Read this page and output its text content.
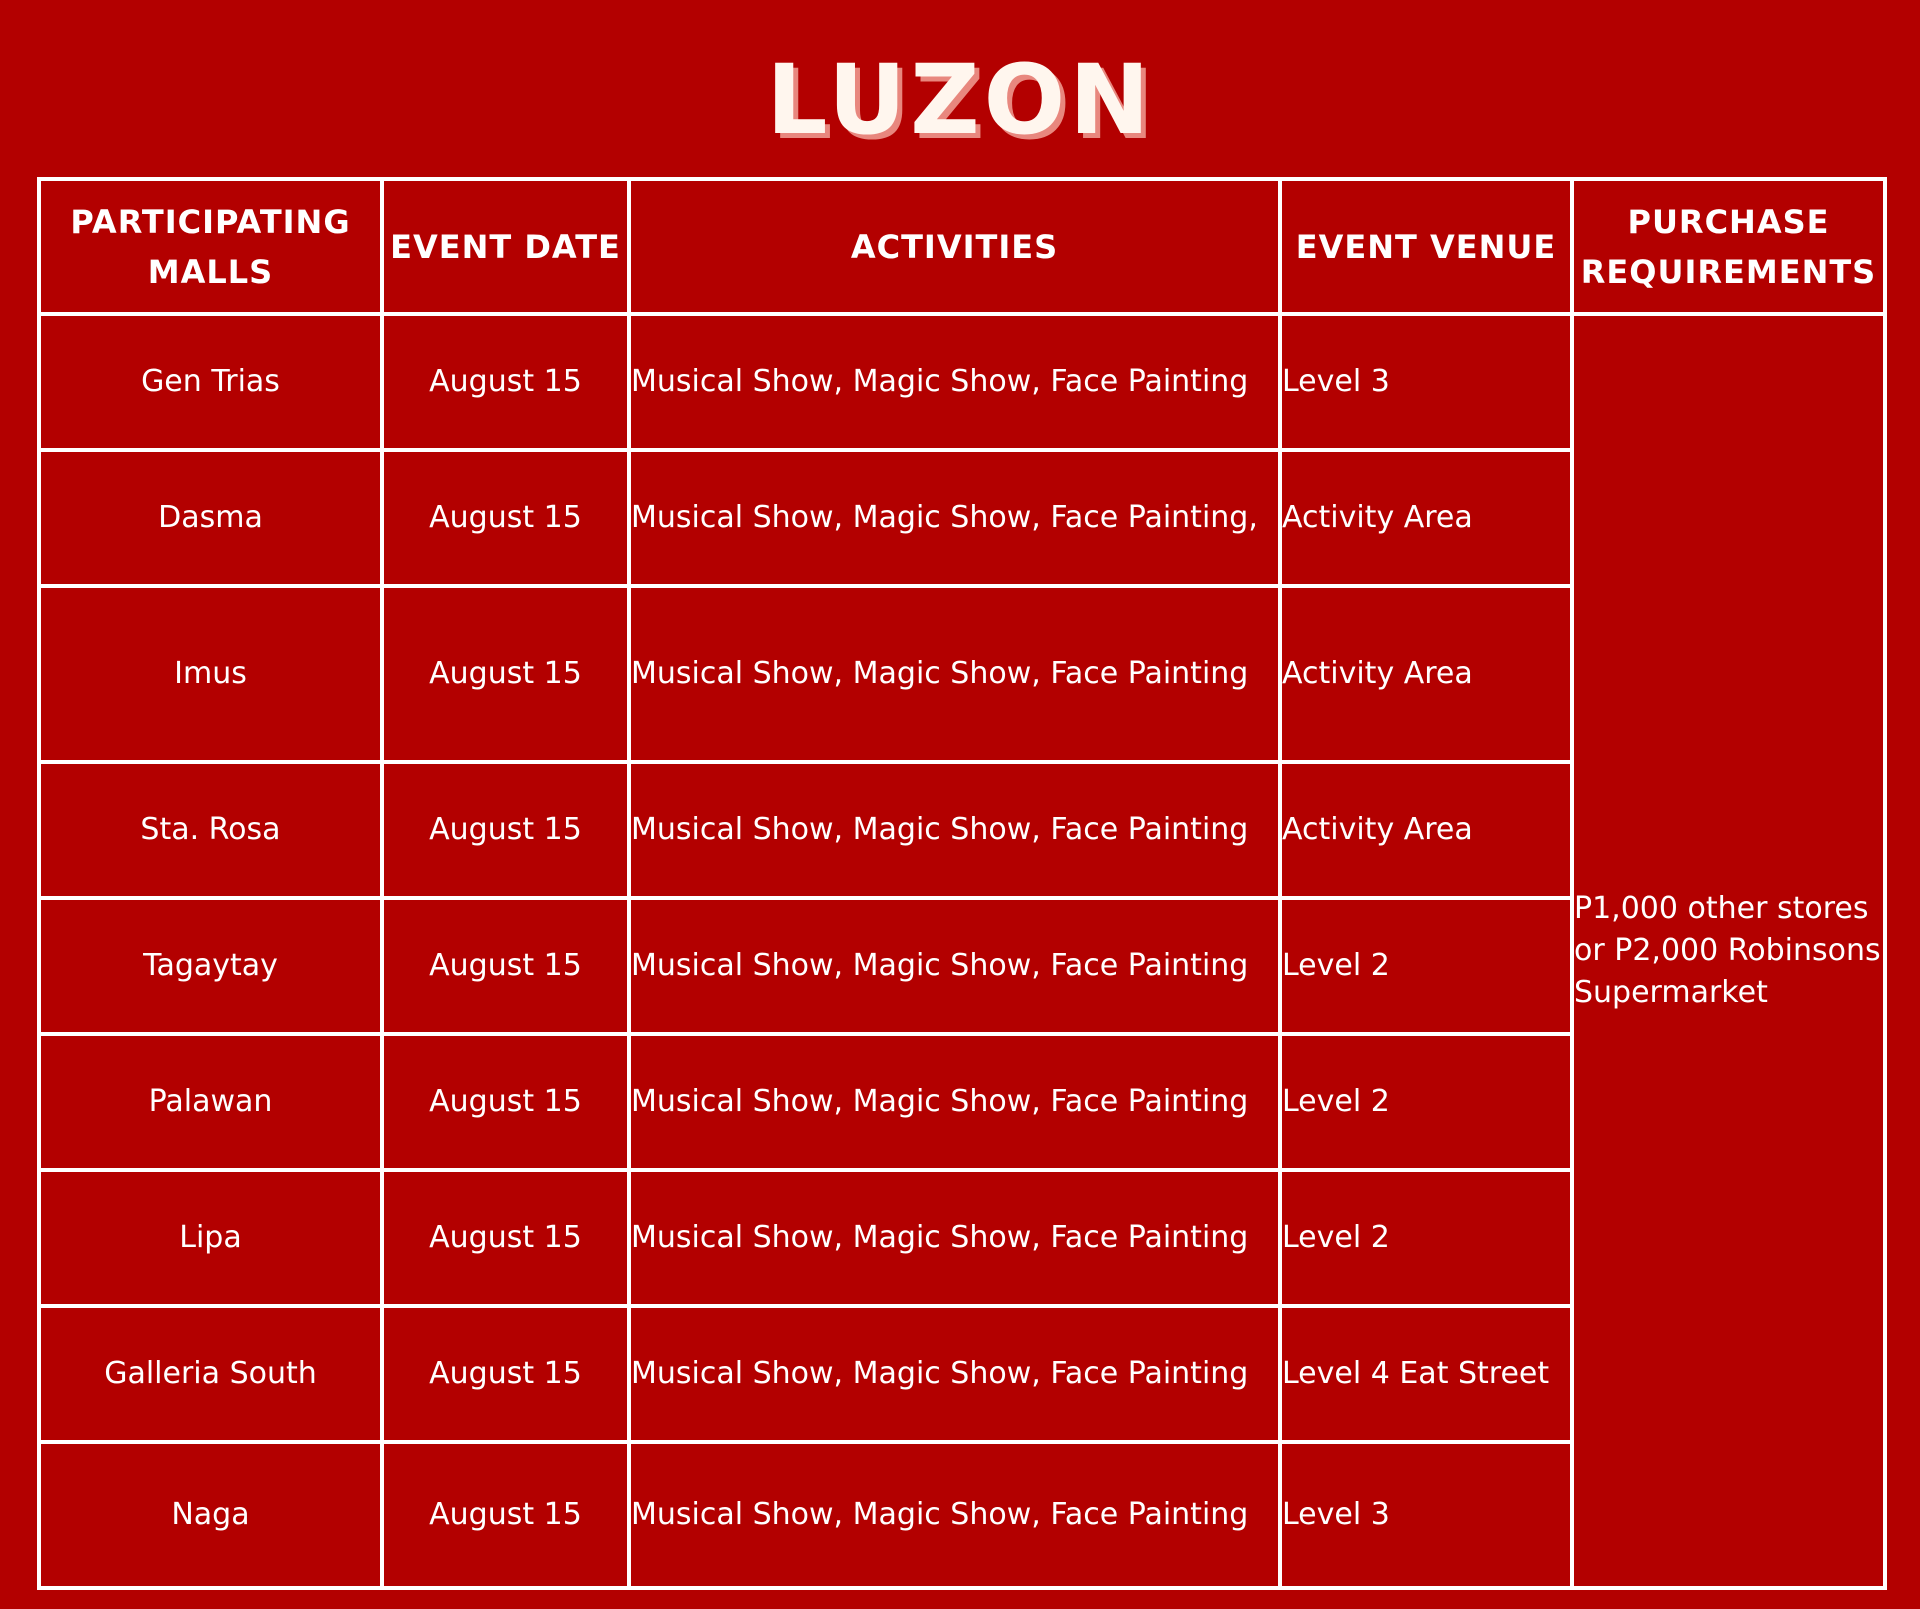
LUZON
PARTICIPATING MALLS	EVENT DATE	ACTIVITIES	EVENT VENUE	PURCHASE REQUIREMENTS
Gen Trias	August 15	Musical Show, Magic Show, Face Painting	Level 3	P1,000 other stores or P2,000 Robinsons Supermarket
Dasma	August 15	Musical Show, Magic Show, Face Painting,	Activity Area	
Imus	August 15	Musical Show, Magic Show, Face Painting	Activity Area	
Sta. Rosa	August 15	Musical Show, Magic Show, Face Painting	Activity Area	
Tagaytay	August 15	Musical Show, Magic Show, Face Painting	Level 2	
Palawan	August 15	Musical Show, Magic Show, Face Painting	Level 2	
Lipa	August 15	Musical Show, Magic Show, Face Painting	Level 2	
Galleria South	August 15	Musical Show, Magic Show, Face Painting	Level 4 Eat Street	
Naga	August 15	Musical Show, Magic Show, Face Painting	Level 3	
